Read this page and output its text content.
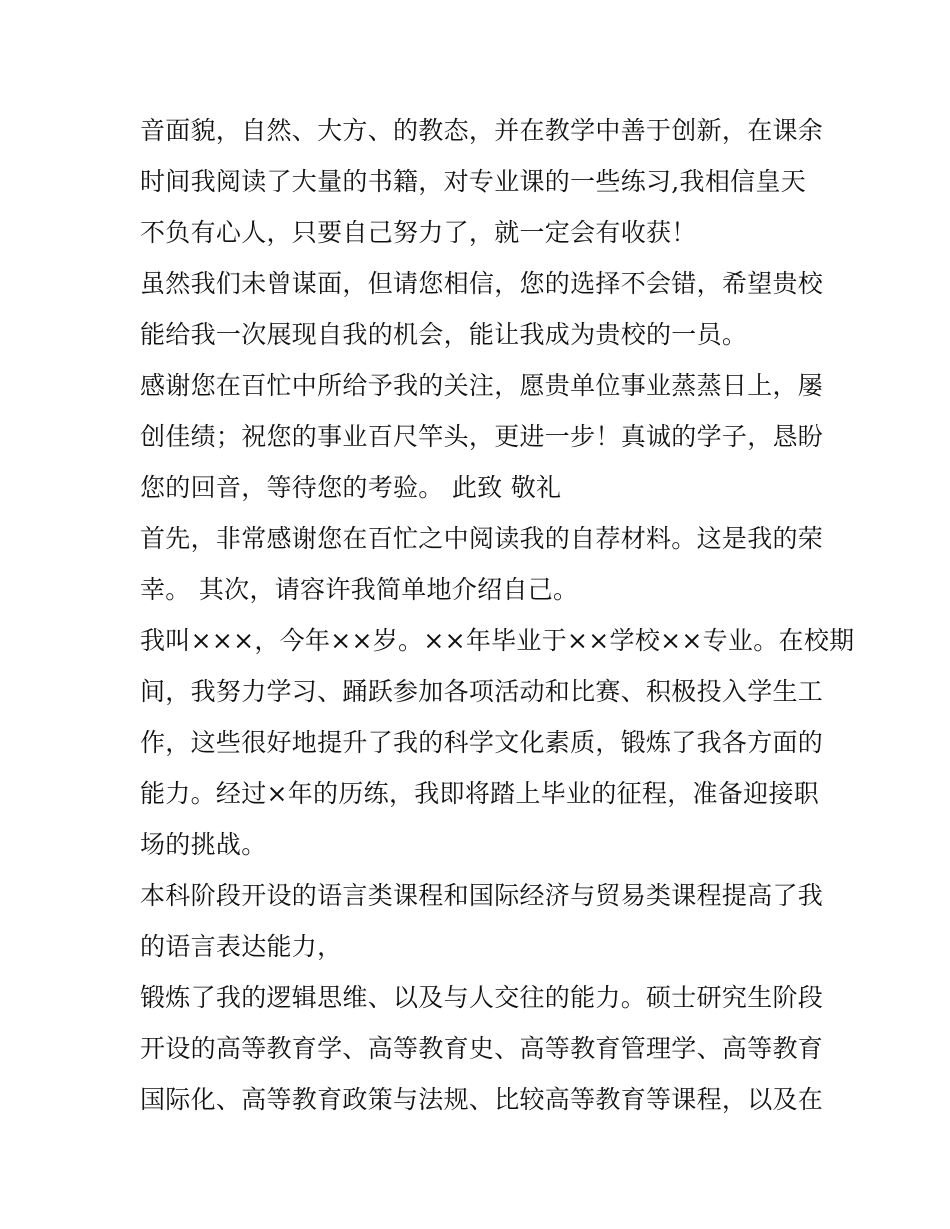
音面貌，自然、大方、的教态，并在教学中善于创新，在课余
时间我阅读了大量的书籍，对专业课的一些练习,我相信皇天
不负有心人，只要自己努力了，就一定会有收获！
虽然我们未曾谋面，但请您相信，您的选择不会错，希望贵校
能给我一次展现自我的机会，能让我成为贵校的一员。
感谢您在百忙中所给予我的关注，愿贵单位事业蒸蒸日上，屡
创佳绩；祝您的事业百尺竿头，更进一步！真诚的学子，恳盼
您的回音，等待您的考验。 此致 敬礼
首先，非常感谢您在百忙之中阅读我的自荐材料。这是我的荣
幸。 其次，请容许我简单地介绍自己。
我叫×××，今年××岁。××年毕业于××学校××专业。在校期
间，我努力学习、踊跃参加各项活动和比赛、积极投入学生工
作，这些很好地提升了我的科学文化素质，锻炼了我各方面的
能力。经过×年的历练，我即将踏上毕业的征程，准备迎接职
场的挑战。
本科阶段开设的语言类课程和国际经济与贸易类课程提高了我
的语言表达能力，
锻炼了我的逻辑思维、以及与人交往的能力。硕士研究生阶段
开设的高等教育学、高等教育史、高等教育管理学、高等教育
国际化、高等教育政策与法规、比较高等教育等课程，以及在
